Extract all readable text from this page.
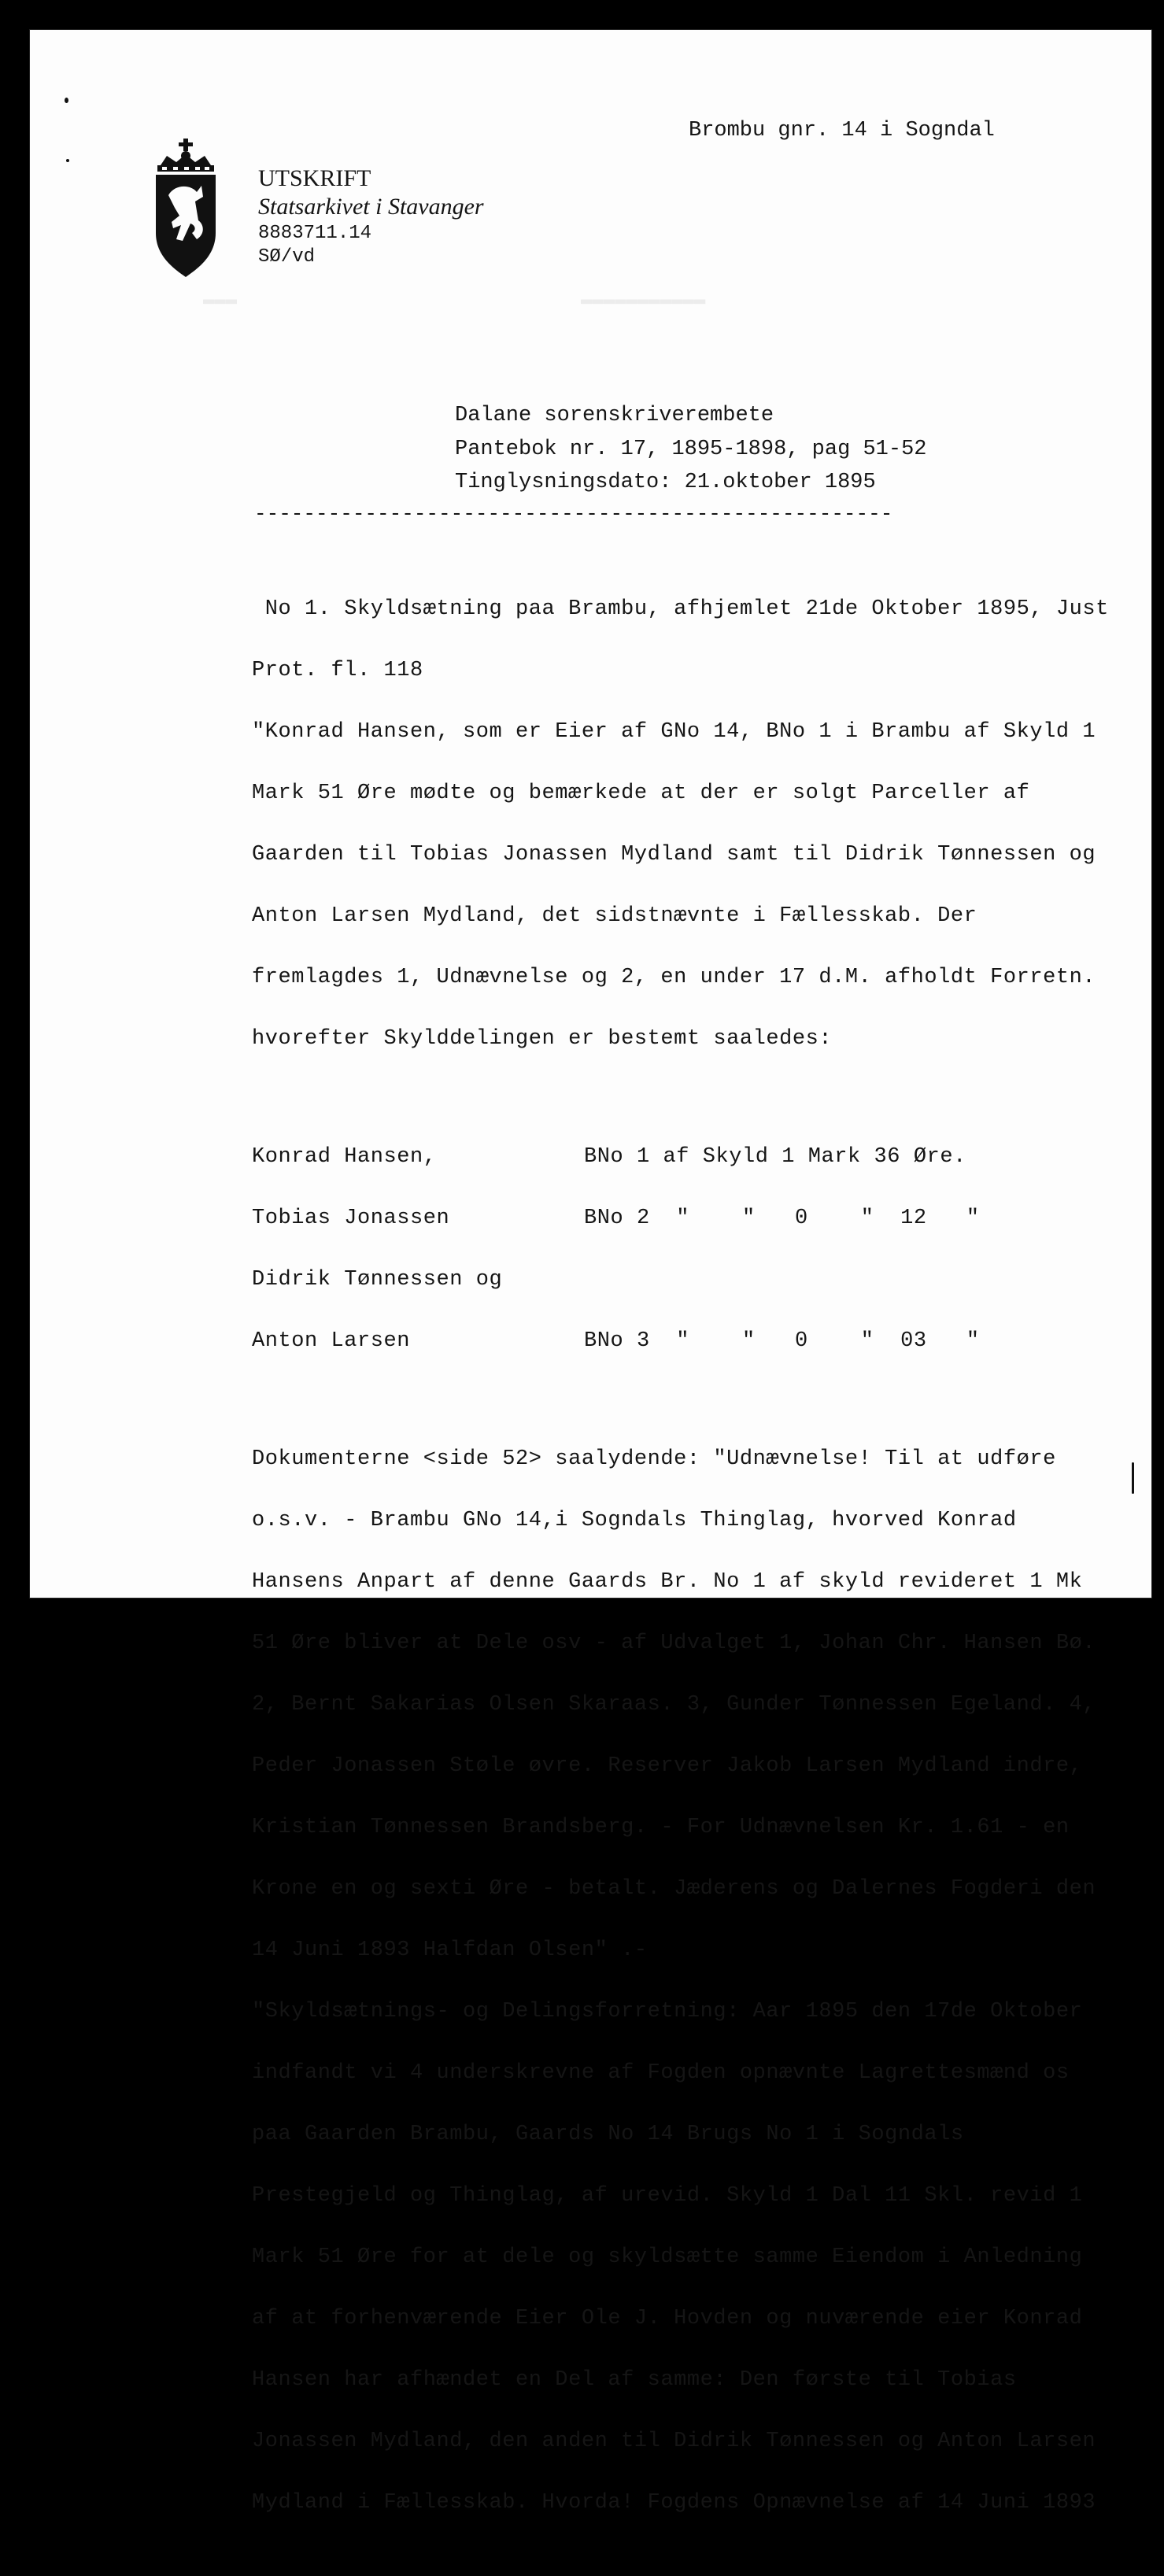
▬▬▬	▬▬▬▬▬▬▬▬▬▬▬
Brombu gnr. 14 i Sogndal
UTSKRIFT
Statsarkivet i Stavanger
8883711.14
SØ/vd
Dalane sorenskriverembete
Pantebok nr. 17, 1895-1898, pag 51-52
Tinglysningsdato: 21.oktober 1895
----------------------------------------------------

No 1. Skyldsætning paa Brambu, afhjemlet 21de Oktober 1895, Just

Prot. fl. 118

"Konrad Hansen, som er Eier af GNo 14, BNo 1 i Brambu af Skyld 1

Mark 51 Øre mødte og bemærkede at der er solgt Parceller af

Gaarden til Tobias Jonassen Mydland samt til Didrik Tønnessen og

Anton Larsen Mydland, det sidstnævnte i Fællesskab. Der

fremlagdes 1, Udnævnelse og 2, en under 17 d.M. afholdt Forretn.

hvorefter Skylddelingen er bestemt saaledes:

Konrad Hansen,

	BNo 1 af Skyld 1 Mark 36 Øre.

Tobias Jonassen

	BNo 2  "    "   0    "  12   "

Didrik Tønnessen og

Anton Larsen

	BNo 3  "    "   0    "  03   "

Dokumenterne <side 52> saalydende: "Udnævnelse! Til at udføre

o.s.v. - Brambu GNo 14,i Sogndals Thinglag, hvorved Konrad

Hansens Anpart af denne Gaards Br. No 1 af skyld revideret 1 Mk

51 Øre bliver at Dele osv - af Udvalget 1, Johan Chr. Hansen Bø.

2, Bernt Sakarias Olsen Skaraas. 3, Gunder Tønnessen Egeland. 4,

Peder Jonassen Støle øvre. Reserver Jakob Larsen Mydland indre,

Kristian Tønnessen Brandsberg. - For Udnævnelsen Kr. 1.61 - en

Krone en og sexti Øre - betalt. Jæderens og Dalernes Fogderi den

14 Juni 1893 Halfdan Olsen" .-

"Skyldsætnings- og Delingsforretning: Aar 1895 den 17de Oktober

indfandt vi 4 underskrevne af Fogden opnævnte Lagrettesmænd os

paa Gaarden Brambu, Gaards No 14 Brugs No 1 i Sogndals

Prestegjeld og Thinglag, af urevid. Skyld 1 Dal 11 Skl. revid 1

Mark 51 Øre for at dele og skyldsætte samme Eiendom i Anledning

af at forhenværende Eier Ole J. Hovden og nuværende eier Konrad

Hansen har afhændet en Del af samme: Den første til Tobias

Jonassen Mydland, den anden til Didrik Tønnessen og Anton Larsen

Mydland i Fællesskab. Hvorda! Fogdens Opnævnelse af 14 Juni 1893
